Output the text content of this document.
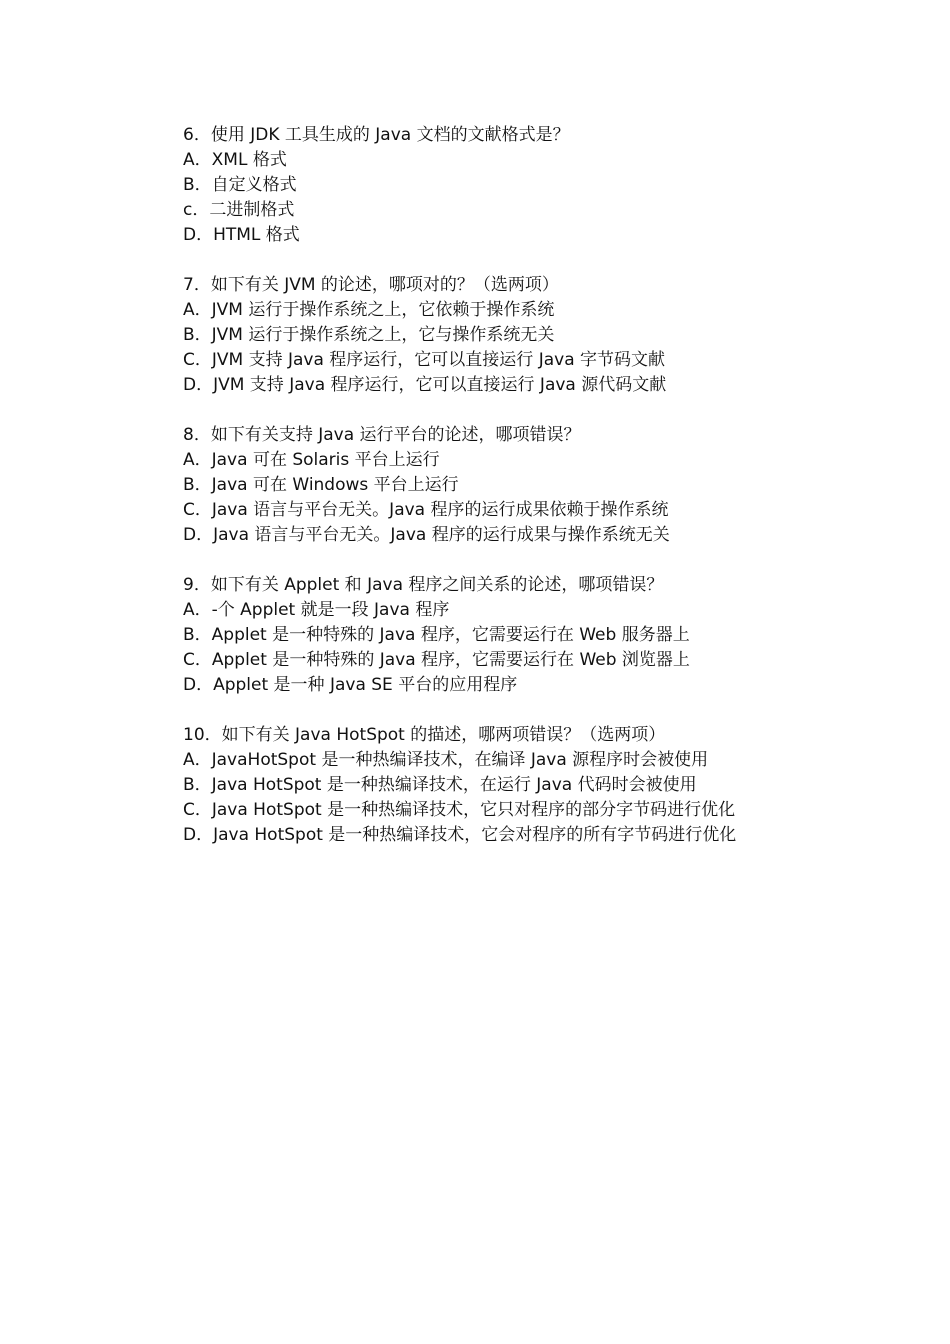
6．使用 JDK 工具生成的 Java 文档的文献格式是？
A．XML 格式
B．自定义格式
c．二进制格式
D．HTML 格式
7．如下有关 JVM 的论述，哪项对的？（选两项）
A．JVM 运行于操作系统之上，它依赖于操作系统
B．JVM 运行于操作系统之上，它与操作系统无关
C．JVM 支持 Java 程序运行，它可以直接运行 Java 字节码文献
D．JVM 支持 Java 程序运行，它可以直接运行 Java 源代码文献
8．如下有关支持 Java 运行平台的论述，哪项错误？
A．Java 可在 Solaris 平台上运行
B．Java 可在 Windows 平台上运行
C．Java 语言与平台无关。Java 程序的运行成果依赖于操作系统
D．Java 语言与平台无关。Java 程序的运行成果与操作系统无关
9．如下有关 Applet 和 Java 程序之间关系的论述，哪项错误？
A．-个 Applet 就是一段 Java 程序
B．Applet 是一种特殊的 Java 程序，它需要运行在 Web 服务器上
C．Applet 是一种特殊的 Java 程序，它需要运行在 Web 浏览器上
D．Applet 是一种 Java SE 平台的应用程序
10．如下有关 Java HotSpot 的描述，哪两项错误？（选两项）
A．JavaHotSpot 是一种热编译技术，在编译 Java 源程序时会被使用
B．Java HotSpot 是一种热编译技术，在运行 Java 代码时会被使用
C．Java HotSpot 是一种热编译技术，它只对程序的部分字节码进行优化
D．Java HotSpot 是一种热编译技术，它会对程序的所有字节码进行优化
